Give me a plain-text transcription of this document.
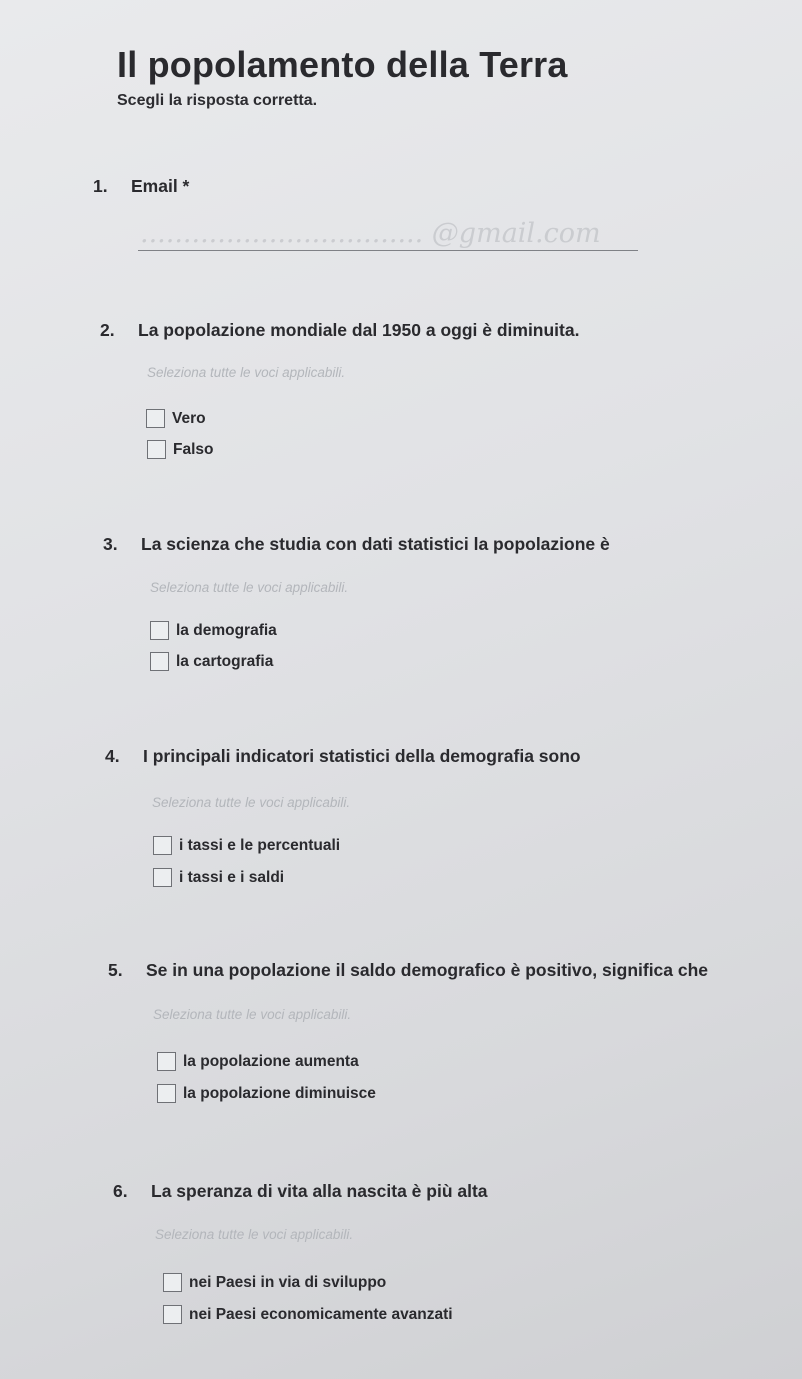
Il popolamento della Terra
Scegli la risposta corretta.
1. Email *
................................. @gmail.com
2. La popolazione mondiale dal 1950 a oggi è diminuita.
Seleziona tutte le voci applicabili.
Vero
Falso
3. La scienza che studia con dati statistici la popolazione è
Seleziona tutte le voci applicabili.
la demografia
la cartografia
4. I principali indicatori statistici della demografia sono
Seleziona tutte le voci applicabili.
i tassi e le percentuali
i tassi e i saldi
5. Se in una popolazione il saldo demografico è positivo, significa che
Seleziona tutte le voci applicabili.
la popolazione aumenta
la popolazione diminuisce
6. La speranza di vita alla nascita è più alta
Seleziona tutte le voci applicabili.
nei Paesi in via di sviluppo
nei Paesi economicamente avanzati
